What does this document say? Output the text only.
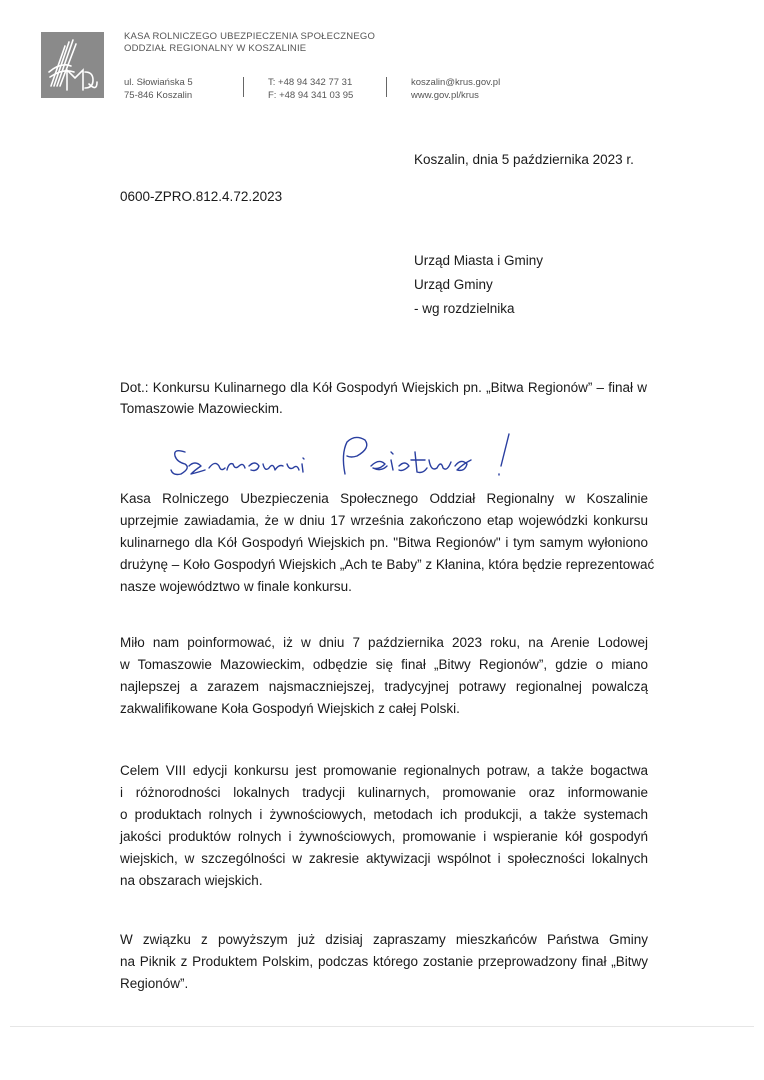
KASA ROLNICZEGO UBEZPIECZENIA SPOŁECZNEGO
ODDZIAŁ REGIONALNY W KOSZALINIE
ul. Słowiańska 5
75-846 Koszalin
T: +48 94 342 77 31
F: +48 94 341 03 95
koszalin@krus.gov.pl
www.gov.pl/krus
Koszalin, dnia 5 października 2023 r.
0600-ZPRO.812.4.72.2023
Urząd Miasta i Gminy
Urząd Gminy
- wg rozdzielnika
Dot.: Konkursu Kulinarnego dla Kół Gospodyń Wiejskich pn. „Bitwa Regionów” – finał w Tomaszowie Mazowieckim.
Kasa Rolniczego Ubezpieczenia Społecznego Oddział Regionalny w Koszalinie
uprzejmie zawiadamia, że w dniu 17 września zakończono etap wojewódzki konkursu
kulinarnego dla Kół Gospodyń Wiejskich pn. "Bitwa Regionów" i tym samym wyłoniono
drużynę – Koło Gospodyń Wiejskich „Ach te Baby” z Kłanina, która będzie reprezentować
nasze województwo w finale konkursu.
Miło nam poinformować, iż w dniu 7 października 2023 roku, na Arenie Lodowej
w Tomaszowie Mazowieckim, odbędzie się finał „Bitwy Regionów”, gdzie o miano
najlepszej a zarazem najsmaczniejszej, tradycyjnej potrawy regionalnej powalczą
zakwalifikowane Koła Gospodyń Wiejskich z całej Polski.
Celem VIII edycji konkursu jest promowanie regionalnych potraw, a także bogactwa
i różnorodności lokalnych tradycji kulinarnych, promowanie oraz informowanie
o produktach rolnych i żywnościowych, metodach ich produkcji, a także systemach
jakości produktów rolnych i żywnościowych, promowanie i wspieranie kół gospodyń
wiejskich, w szczególności w zakresie aktywizacji wspólnot i społeczności lokalnych
na obszarach wiejskich.
W związku z powyższym już dzisiaj zapraszamy mieszkańców Państwa Gminy
na Piknik z Produktem Polskim, podczas którego zostanie przeprowadzony finał „Bitwy
Regionów”.
